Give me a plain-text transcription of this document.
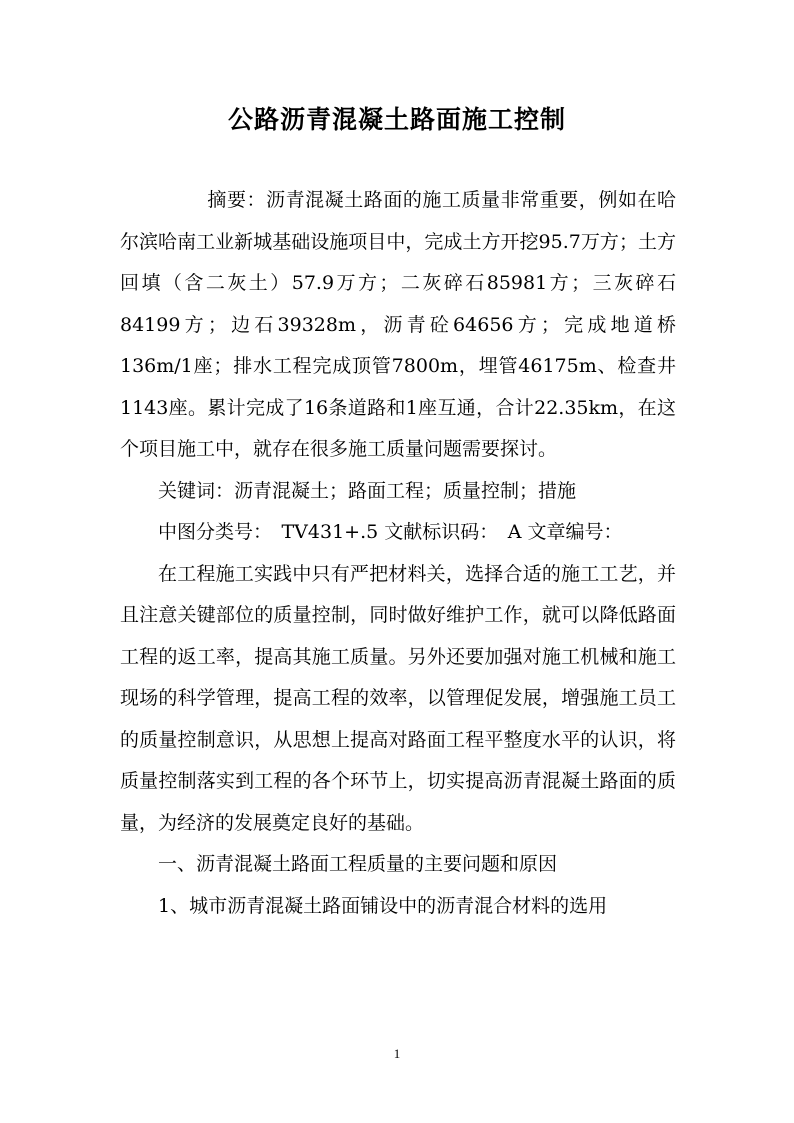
公路沥青混凝土路面施工控制

摘要：沥青混凝土路面的施工质量非常重要，例如在哈尔滨哈南工业新城基础设施项目中，完成土方开挖95.7万方；土方回填（含二灰土）57.9万方；二灰碎石85981方；三灰碎石84199方；边石39328m，沥青砼64656方；完成地道桥136m/1座；排水工程完成顶管7800m，埋管46175m、检查井1143座。累计完成了16条道路和1座互通，合计22.35km，在这个项目施工中，就存在很多施工质量问题需要探讨。

关键词：沥青混凝土；路面工程；质量控制；措施

中图分类号：　TV431+.5 文献标识码：　A 文章编号：

在工程施工实践中只有严把材料关，选择合适的施工工艺，并且注意关键部位的质量控制，同时做好维护工作，就可以降低路面工程的返工率，提高其施工质量。另外还要加强对施工机械和施工现场的科学管理，提高工程的效率，以管理促发展，增强施工员工的质量控制意识，从思想上提高对路面工程平整度水平的认识，将质量控制落实到工程的各个环节上，切实提高沥青混凝土路面的质量，为经济的发展奠定良好的基础。

一、沥青混凝土路面工程质量的主要问题和原因

1、城市沥青混凝土路面铺设中的沥青混合材料的选用

1
